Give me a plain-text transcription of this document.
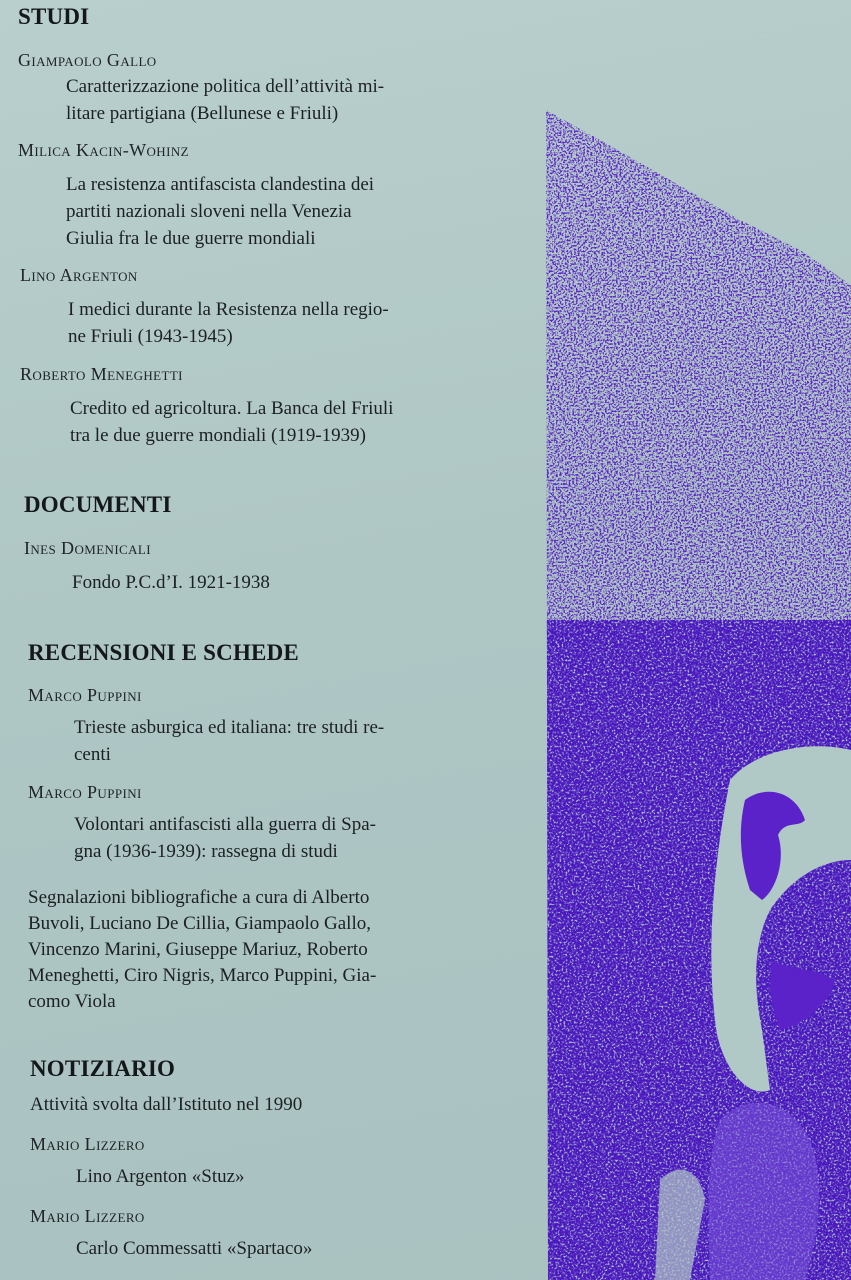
STUDI
Giampaolo Gallo
Caratterizzazione politica dell’attività mi-
litare partigiana (Bellunese e Friuli)
Milica Kacin-Wohinz
La resistenza antifascista clandestina dei
partiti nazionali sloveni nella Venezia
Giulia fra le due guerre mondiali
Lino Argenton
I medici durante la Resistenza nella regio-
ne Friuli (1943-1945)
Roberto Meneghetti
Credito ed agricoltura. La Banca del Friuli
tra le due guerre mondiali (1919-1939)
DOCUMENTI
Ines Domenicali
Fondo P.C.d’I. 1921-1938
RECENSIONI E SCHEDE
Marco Puppini
Trieste asburgica ed italiana: tre studi re-
centi
Marco Puppini
Volontari antifascisti alla guerra di Spa-
gna (1936-1939): rassegna di studi
Segnalazioni bibliografiche a cura di Alberto
Buvoli, Luciano De Cillia, Giampaolo Gallo,
Vincenzo Marini, Giuseppe Mariuz, Roberto
Meneghetti, Ciro Nigris, Marco Puppini, Gia-
como Viola
NOTIZIARIO
Attività svolta dall’Istituto nel 1990
Mario Lizzero
Lino Argenton «Stuz»
Mario Lizzero
Carlo Commessatti «Spartaco»
